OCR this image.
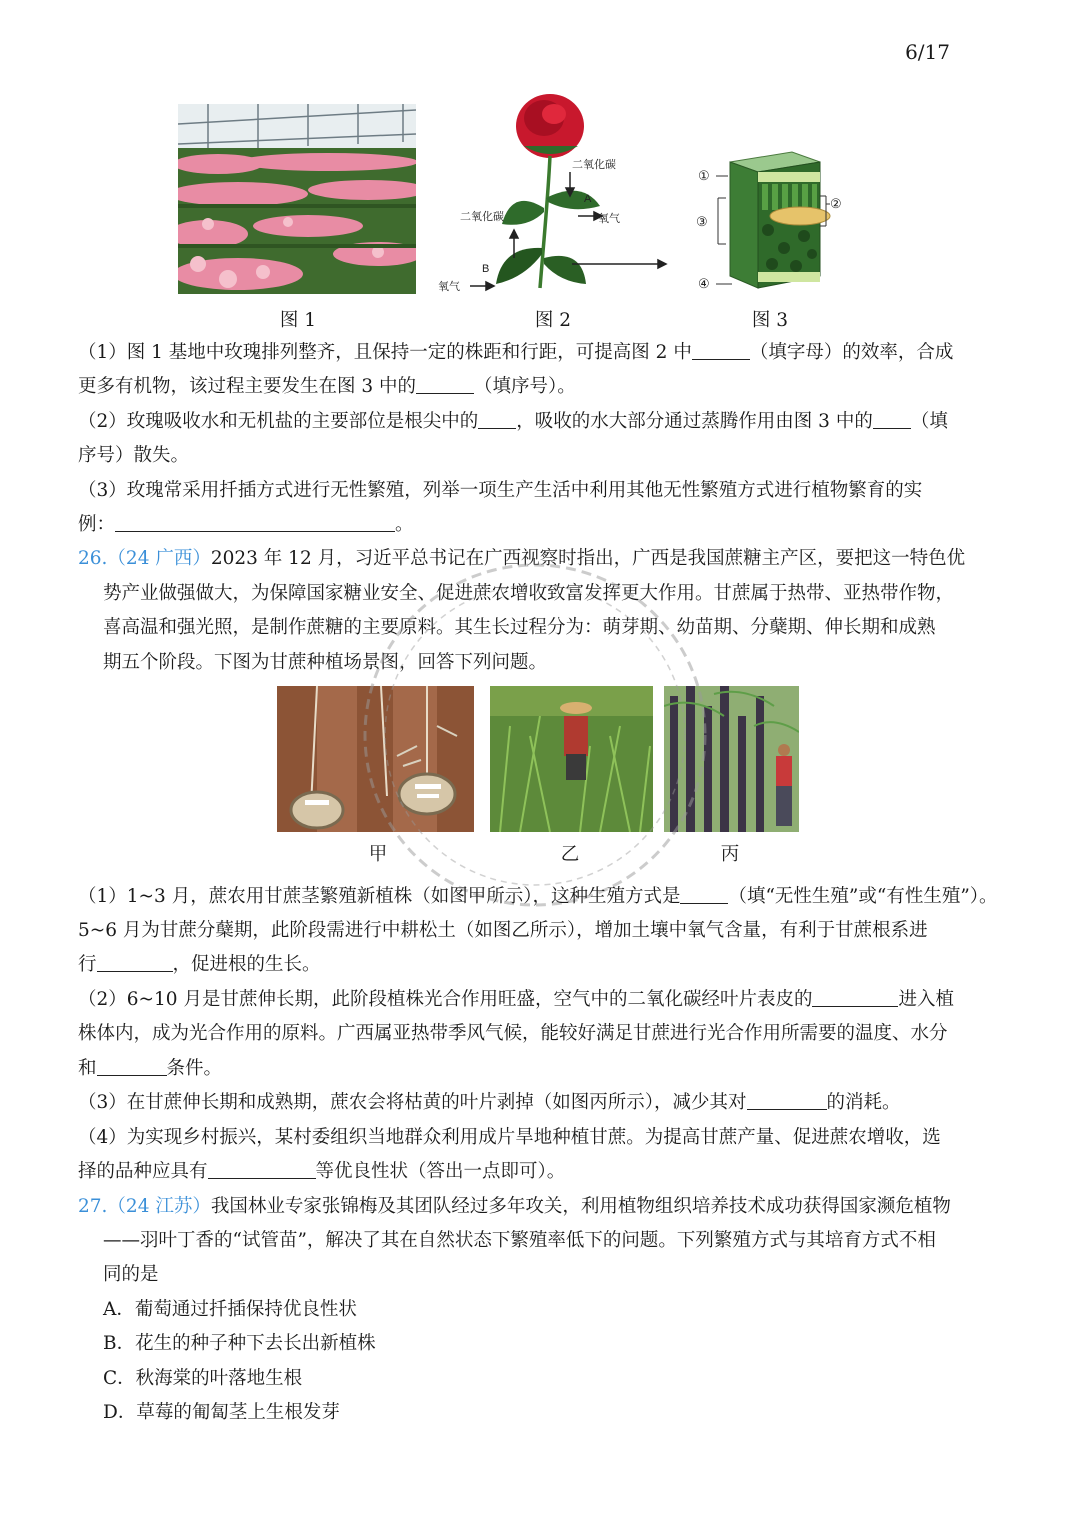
6/17
二氧化碳
A
氧气
二氧化碳
B
氧气
①
③
④
②
图 1	图 2	图 3
（1）图 1 基地中玫瑰排列整齐，且保持一定的株距和行距，可提高图 2 中	（填字母）的效率，合成
更多有机物，该过程主要发生在图 3 中的	（填序号）。
（2）玫瑰吸收水和无机盐的主要部位是根尖中的 ，吸收的水大部分通过蒸腾作用由图 3 中的 （填
序号）散失。
（3）玫瑰常采用扦插方式进行无性繁殖，列举一项生产生活中利用其他无性繁殖方式进行植物繁育的实
例：	。
26.（24 广西）2023 年 12 月，习近平总书记在广西视察时指出，广西是我国蔗糖主产区，要把这一特色优
势产业做强做大，为保障国家糖业安全、促进蔗农增收致富发挥更大作用。甘蔗属于热带、亚热带作物，
喜高温和强光照，是制作蔗糖的主要原料。其生长过程分为：萌芽期、幼苗期、分蘖期、伸长期和成熟
期五个阶段。下图为甘蔗种植场景图，回答下列问题。
甲	乙	丙
（1）1~3 月，蔗农用甘蔗茎繁殖新植株（如图甲所示），这种生殖方式是	（填“无性生殖”或“有性生殖”）。
5~6 月为甘蔗分蘖期，此阶段需进行中耕松土（如图乙所示），增加土壤中氧气含量，有利于甘蔗根系进
行	，促进根的生长。
（2）6~10 月是甘蔗伸长期，此阶段植株光合作用旺盛，空气中的二氧化碳经叶片表皮的	进入植
株体内，成为光合作用的原料。广西属亚热带季风气候，能较好满足甘蔗进行光合作用所需要的温度、水分
和	条件。
（3）在甘蔗伸长期和成熟期，蔗农会将枯黄的叶片剥掉（如图丙所示），减少其对	的消耗。
（4）为实现乡村振兴，某村委组织当地群众利用成片旱地种植甘蔗。为提高甘蔗产量、促进蔗农增收，选
择的品种应具有	等优良性状（答出一点即可）。
27.（24 江苏）我国林业专家张锦梅及其团队经过多年攻关，利用植物组织培养技术成功获得国家濒危植物
——羽叶丁香的“试管苗”，解决了其在自然状态下繁殖率低下的问题。下列繁殖方式与其培育方式不相
同的是
A．葡萄通过扦插保持优良性状
B．花生的种子种下去长出新植株
C．秋海棠的叶落地生根
D．草莓的匍匐茎上生根发芽
